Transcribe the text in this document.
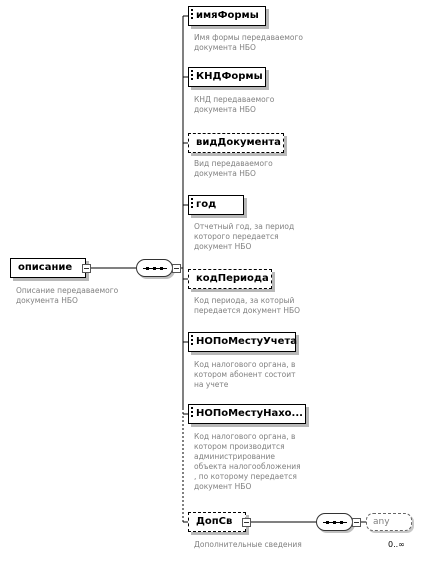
описание
Описание передаваемого
документа НБО
имяФормы
Имя формы передаваемого
документа НБО
КНДФормы
КНД передаваемого
документа НБО
видДокумента
Вид передаваемого
документа НБО
год
Отчетный год, за период
которого передается
документ НБО
кодПериода
Код периода, за который
передается документ НБО
НОПоМестуУчета
Код налогового органа, в
котором абонент состоит
на учете
НОПоМестуНахо...
Код налогового органа, в
котором производится
администрирование
объекта налогообложения
, по которому передается
документ НБО
ДопСв
Дополнительные сведения
any
0..∞
